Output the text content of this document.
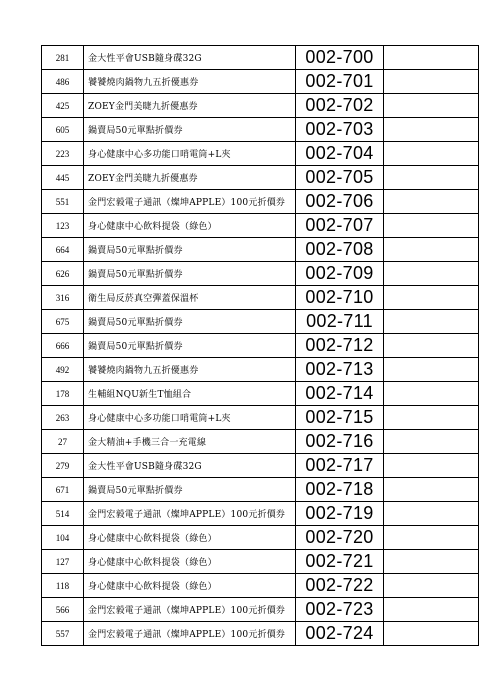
281	金大性平會USB隨身碟32G	002-700	
486	饕饕燒肉鍋物九五折優惠券	002-701	
425	ZOEY金門美睫九折優惠券	002-702	
605	鍋賣局50元單點折價券	002-703	
223	身心健康中心多功能口哨電筒+L夾	002-704	
445	ZOEY金門美睫九折優惠券	002-705	
551	金門宏毅電子通訊（燦坤APPLE）100元折價券	002-706	
123	身心健康中心飲料提袋（綠色）	002-707	
664	鍋賣局50元單點折價券	002-708	
626	鍋賣局50元單點折價券	002-709	
316	衛生局反菸真空彈蓋保溫杯	002-710	
675	鍋賣局50元單點折價券	002-711	
666	鍋賣局50元單點折價券	002-712	
492	饕饕燒肉鍋物九五折優惠券	002-713	
178	生輔組NQU新生T恤組合	002-714	
263	身心健康中心多功能口哨電筒+L夾	002-715	
27	金大精油+手機三合一充電線	002-716	
279	金大性平會USB隨身碟32G	002-717	
671	鍋賣局50元單點折價券	002-718	
514	金門宏毅電子通訊（燦坤APPLE）100元折價券	002-719	
104	身心健康中心飲料提袋（綠色）	002-720	
127	身心健康中心飲料提袋（綠色）	002-721	
118	身心健康中心飲料提袋（綠色）	002-722	
566	金門宏毅電子通訊（燦坤APPLE）100元折價券	002-723	
557	金門宏毅電子通訊（燦坤APPLE）100元折價券	002-724	
